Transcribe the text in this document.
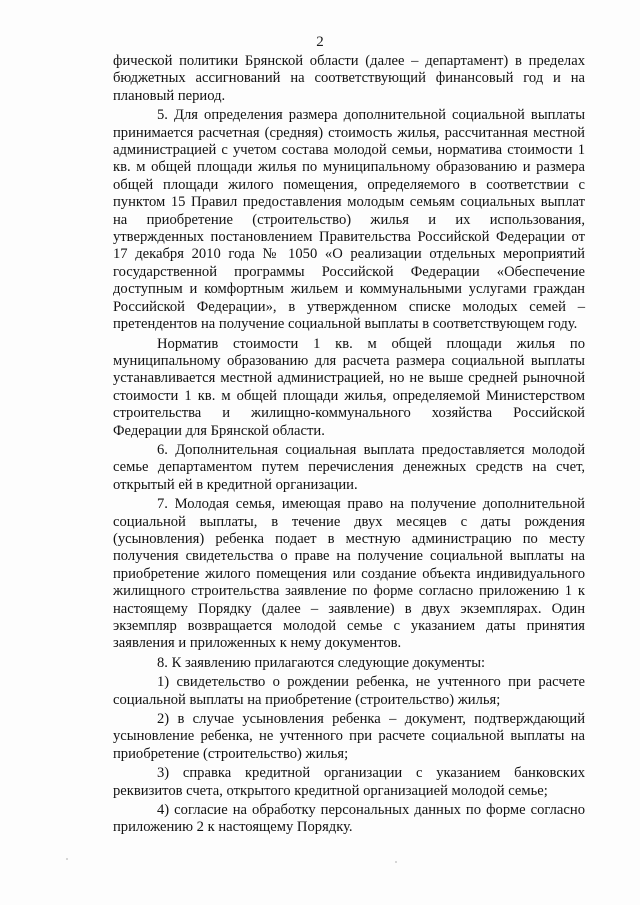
2

фической политики Брянской области (далее – департамент) в пределах бюджетных ассигнований на соответствующий финансовый год и на плановый период.

5. Для определения размера дополнительной социальной выплаты принимается расчетная (средняя) стоимость жилья, рассчитанная местной администрацией с учетом состава молодой семьи, норматива стоимости 1 кв. м общей площади жилья по муниципальному образованию и размера общей площади жилого помещения, определяемого в соответствии с пунктом 15 Правил предоставления молодым семьям социальных выплат на приобретение (строительство) жилья и их использования, утвержденных постановлением Правительства Российской Федерации от 17 декабря 2010 года № 1050 «О реализации отдельных мероприятий государственной программы Российской Федерации «Обеспечение доступным и комфортным жильем и коммунальными услугами граждан Российской Федерации», в утвержденном списке молодых семей – претендентов на получение социальной выплаты в соответствующем году.

Норматив стоимости 1 кв. м общей площади жилья по муниципальному образованию для расчета размера социальной выплаты устанавливается местной администрацией, но не выше средней рыночной стоимости 1 кв. м общей площади жилья, определяемой Министерством строительства и жилищно-коммунального хозяйства Российской Федерации для Брянской области.

6. Дополнительная социальная выплата предоставляется молодой семье департаментом путем перечисления денежных средств на счет, открытый ей в кредитной организации.

7. Молодая семья, имеющая право на получение дополнительной социальной выплаты, в течение двух месяцев с даты рождения (усыновления) ребенка подает в местную администрацию по месту получения свидетельства о праве на получение социальной выплаты на приобретение жилого помещения или создание объекта индивидуального жилищного строительства заявление по форме согласно приложению 1 к настоящему Порядку (далее – заявление) в двух экземплярах. Один экземпляр возвращается молодой семье с указанием даты принятия заявления и приложенных к нему документов.

8. К заявлению прилагаются следующие документы:

1) свидетельство о рождении ребенка, не учтенного при расчете социальной выплаты на приобретение (строительство) жилья;

2) в случае усыновления ребенка – документ, подтверждающий усыновление ребенка, не учтенного при расчете социальной выплаты на приобретение (строительство) жилья;

3) справка кредитной организации с указанием банковских реквизитов счета, открытого кредитной организацией молодой семье;

4) согласие на обработку персональных данных по форме согласно приложению 2 к настоящему Порядку.
